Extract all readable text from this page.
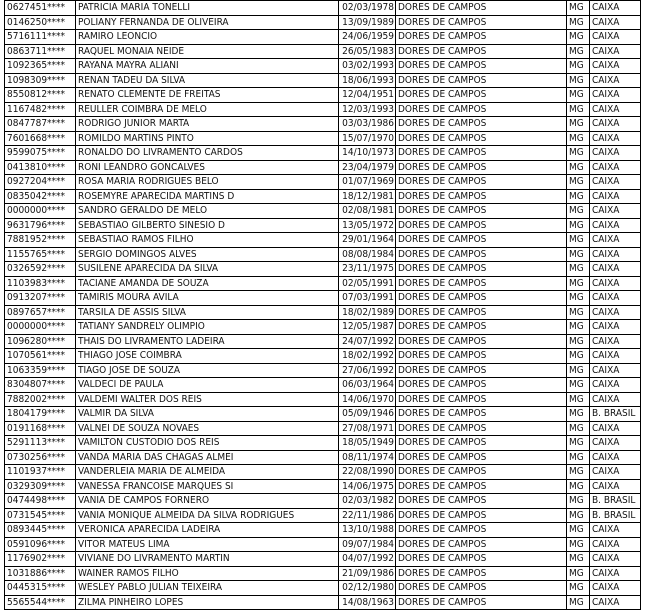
0627451****	PATRICIA MARIA TONELLI	02/03/1978	DORES DE CAMPOS	MG	CAIXA
0146250****	POLIANY FERNANDA DE OLIVEIRA	13/09/1989	DORES DE CAMPOS	MG	CAIXA
5716111****	RAMIRO LEONCIO	24/06/1959	DORES DE CAMPOS	MG	CAIXA
0863711****	RAQUEL MONAIA NEIDE	26/05/1983	DORES DE CAMPOS	MG	CAIXA
1092365****	RAYANA MAYRA ALIANI	03/02/1993	DORES DE CAMPOS	MG	CAIXA
1098309****	RENAN TADEU DA SILVA	18/06/1993	DORES DE CAMPOS	MG	CAIXA
8550812****	RENATO CLEMENTE DE FREITAS	12/04/1951	DORES DE CAMPOS	MG	CAIXA
1167482****	REULLER COIMBRA DE MELO	12/03/1993	DORES DE CAMPOS	MG	CAIXA
0847787****	RODRIGO JUNIOR MARTA	03/03/1986	DORES DE CAMPOS	MG	CAIXA
7601668****	ROMILDO MARTINS PINTO	15/07/1970	DORES DE CAMPOS	MG	CAIXA
9599075****	RONALDO DO LIVRAMENTO CARDOS	14/10/1973	DORES DE CAMPOS	MG	CAIXA
0413810****	RONI LEANDRO GONCALVES	23/04/1979	DORES DE CAMPOS	MG	CAIXA
0927204****	ROSA MARIA RODRIGUES BELO	01/07/1969	DORES DE CAMPOS	MG	CAIXA
0835042****	ROSEMYRE APARECIDA MARTINS D	18/12/1981	DORES DE CAMPOS	MG	CAIXA
0000000****	SANDRO GERALDO DE MELO	02/08/1981	DORES DE CAMPOS	MG	CAIXA
9631796****	SEBASTIAO GILBERTO SINESIO D	13/05/1972	DORES DE CAMPOS	MG	CAIXA
7881952****	SEBASTIAO RAMOS FILHO	29/01/1964	DORES DE CAMPOS	MG	CAIXA
1155765****	SERGIO DOMINGOS ALVES	08/08/1984	DORES DE CAMPOS	MG	CAIXA
0326592****	SUSILENE APARECIDA DA SILVA	23/11/1975	DORES DE CAMPOS	MG	CAIXA
1103983****	TACIANE AMANDA DE SOUZA	02/05/1991	DORES DE CAMPOS	MG	CAIXA
0913207****	TAMIRIS MOURA AVILA	07/03/1991	DORES DE CAMPOS	MG	CAIXA
0897657****	TARSILA DE ASSIS SILVA	18/02/1989	DORES DE CAMPOS	MG	CAIXA
0000000****	TATIANY SANDRELY OLIMPIO	12/05/1987	DORES DE CAMPOS	MG	CAIXA
1096280****	THAIS DO LIVRAMENTO LADEIRA	24/07/1992	DORES DE CAMPOS	MG	CAIXA
1070561****	THIAGO JOSE COIMBRA	18/02/1992	DORES DE CAMPOS	MG	CAIXA
1063359****	TIAGO JOSE DE SOUZA	27/06/1992	DORES DE CAMPOS	MG	CAIXA
8304807****	VALDECI DE PAULA	06/03/1964	DORES DE CAMPOS	MG	CAIXA
7882002****	VALDEMI WALTER DOS REIS	14/06/1970	DORES DE CAMPOS	MG	CAIXA
1804179****	VALMIR DA SILVA	05/09/1946	DORES DE CAMPOS	MG	B. BRASIL
0191168****	VALNEI DE SOUZA NOVAES	27/08/1971	DORES DE CAMPOS	MG	CAIXA
5291113****	VAMILTON CUSTODIO DOS REIS	18/05/1949	DORES DE CAMPOS	MG	CAIXA
0730256****	VANDA MARIA DAS CHAGAS ALMEI	08/11/1974	DORES DE CAMPOS	MG	CAIXA
1101937****	VANDERLEIA MARIA DE ALMEIDA	22/08/1990	DORES DE CAMPOS	MG	CAIXA
0329309****	VANESSA FRANCOISE MARQUES SI	14/06/1975	DORES DE CAMPOS	MG	CAIXA
0474498****	VANIA DE CAMPOS FORNERO	02/03/1982	DORES DE CAMPOS	MG	B. BRASIL
0731545****	VANIA MONIQUE ALMEIDA DA SILVA RODRIGUES	22/11/1986	DORES DE CAMPOS	MG	B. BRASIL
0893445****	VERONICA APARECIDA LADEIRA	13/10/1988	DORES DE CAMPOS	MG	CAIXA
0591096****	VITOR MATEUS LIMA	09/07/1984	DORES DE CAMPOS	MG	CAIXA
1176902****	VIVIANE DO LIVRAMENTO MARTIN	04/07/1992	DORES DE CAMPOS	MG	CAIXA
1031886****	WAINER RAMOS FILHO	21/09/1986	DORES DE CAMPOS	MG	CAIXA
0445315****	WESLEY PABLO JULIAN TEIXEIRA	02/12/1980	DORES DE CAMPOS	MG	CAIXA
5565544****	ZILMA PINHEIRO LOPES	14/08/1963	DORES DE CAMPOS	MG	CAIXA
